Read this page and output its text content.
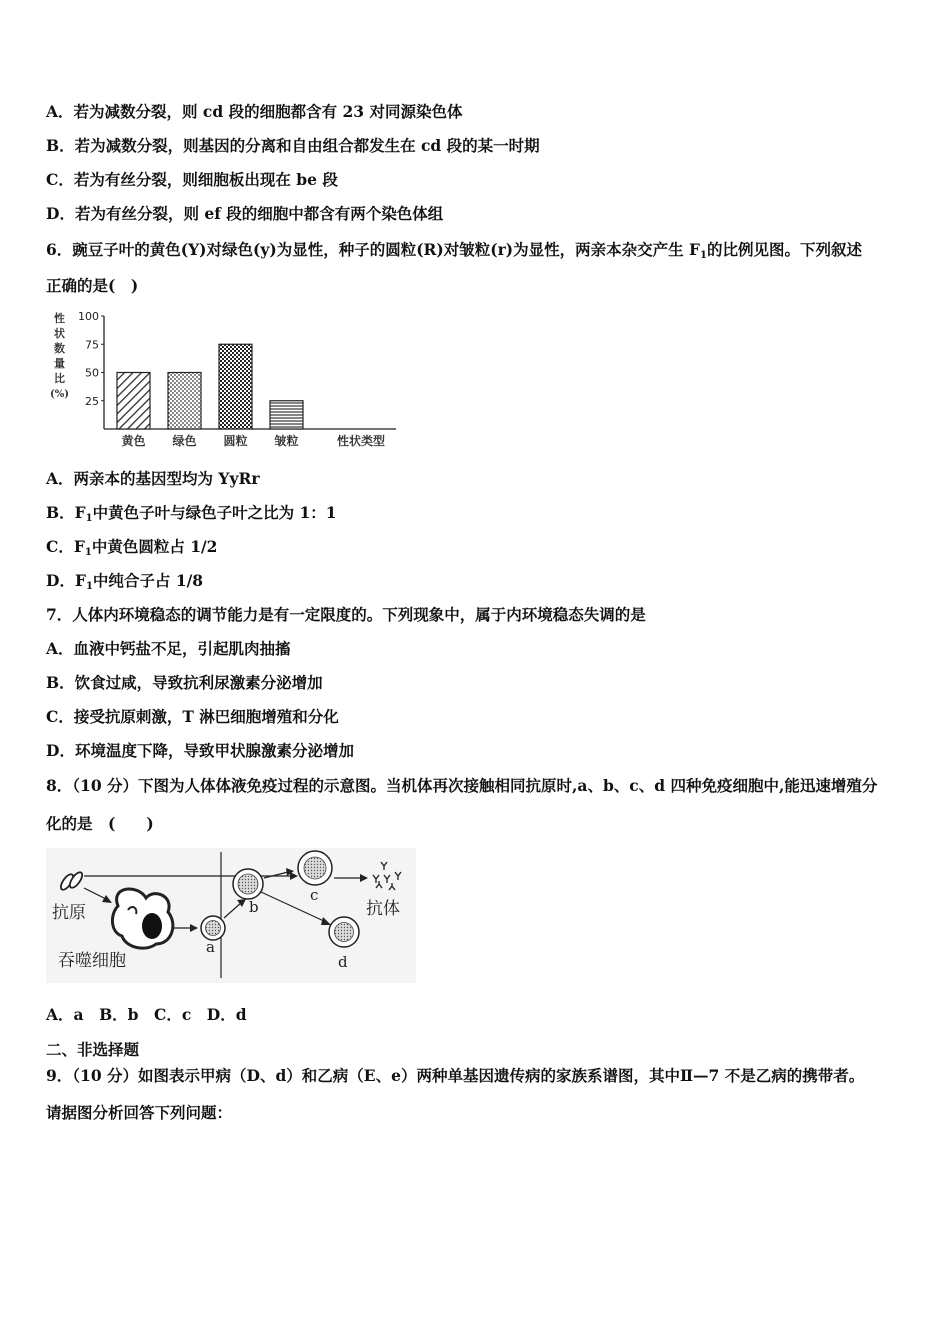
A．若为减数分裂，则 cd 段的细胞都含有 23 对同源染色体
B．若为减数分裂，则基因的分离和自由组合都发生在 cd 段的某一时期
C．若为有丝分裂，则细胞板出现在 be 段
D．若为有丝分裂，则 ef 段的细胞中都含有两个染色体组
6．豌豆子叶的黄色(Y)对绿色(y)为显性，种子的圆粒(R)对皱粒(r)为显性，两亲本杂交产生 $F_1$的比例见图。下列叙述
正确的是(　)
性
状
数
量
比
(%)
100
75
50
25
黄色 绿色 圆粒 皱粒	性状类型
A．两亲本的基因型均为 YyRr
B．$F_1$中黄色子叶与绿色子叶之比为 1：1
C．$F_1$中黄色圆粒占 1/2
D．$F_1$中纯合子占 1/8
7．人体内环境稳态的调节能力是有一定限度的。下列现象中，属于内环境稳态失调的是
A．血液中钙盐不足，引起肌肉抽搐
B．饮食过咸，导致抗利尿激素分泌增加
C．接受抗原刺激，T 淋巴细胞增殖和分化
D．环境温度下降，导致甲状腺激素分泌增加
8．（10 分）下图为人体体液免疫过程的示意图。当机体再次接触相同抗原时,a、b、c、d 四种免疫细胞中,能迅速增殖分
化的是　(　　)
抗原
吞噬细胞
a
b
c
抗体
d
A．a　B．b　C．c　D．d
二、非选择题
9．（10 分）如图表示甲病（D、d）和乙病（E、e）两种单基因遗传病的家族系谱图，其中Ⅱ—7 不是乙病的携带者。
请据图分析回答下列问题：
